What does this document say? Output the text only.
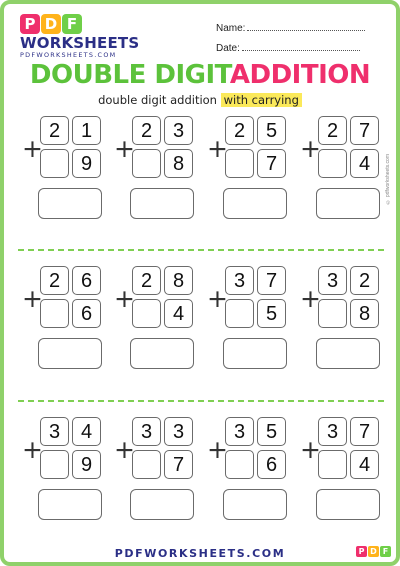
P D F
WORKSHEETS
PDFWORKSHEETS.COM
Name:
Date:
DOUBLE DIGITADDITION
double digit addition with carrying
2	1
9
+
2	3
8
+
2	5
7
+
2	7
4
+
2	6
6
+
2	8
4
+
3	7
5
+
3	2
8
+
3	4
9
+
3	3
7
+
3	5
6
+
3	7
4
+
© pdfworksheets.com
PDFWORKSHEETS.COM	P D F
